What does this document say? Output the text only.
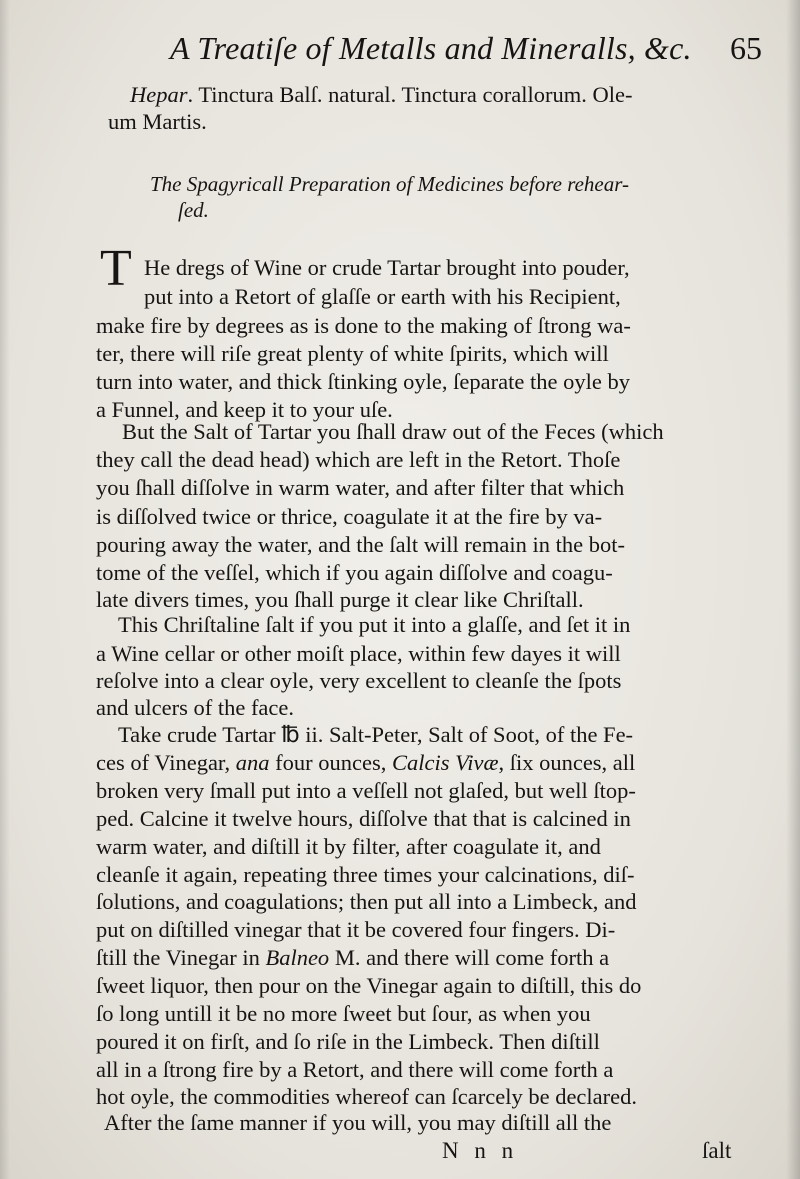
A Treatiſe of Metalls and Mineralls, &c. 65
Hepar. Tinctura Balſ. natural. Tinctura corallorum. Ole-
um Martis.
The Spagyricall Preparation of Medicines before rehear-
ſed.
T He dregs of Wine or crude Tartar brought into pouder,
put into a Retort of glaſſe or earth with his Recipient,
make fire by degrees as is done to the making of ſtrong wa-
ter, there will riſe great plenty of white ſpirits, which will
turn into water, and thick ſtinking oyle, ſeparate the oyle by
a Funnel, and keep it to your uſe.
But the Salt of Tartar you ſhall draw out of the Feces (which
they call the dead head) which are left in the Retort. Thoſe
you ſhall diſſolve in warm water, and after filter that which
is diſſolved twice or thrice, coagulate it at the fire by va-
pouring away the water, and the ſalt will remain in the bot-
tome of the veſſel, which if you again diſſolve and coagu-
late divers times, you ſhall purge it clear like Chriſtall.
This Chriſtaline ſalt if you put it into a glaſſe, and ſet it in
a Wine cellar or other moiſt place, within few dayes it will
reſolve into a clear oyle, very excellent to cleanſe the ſpots
and ulcers of the face.
Take crude Tartar ℔ ii. Salt-Peter, Salt of Soot, of the Fe-
ces of Vinegar, ana four ounces, Calcis Vivæ, ſix ounces, all
broken very ſmall put into a veſſell not glaſed, but well ſtop-
ped. Calcine it twelve hours, diſſolve that that is calcined in
warm water, and diſtill it by filter, after coagulate it, and
cleanſe it again, repeating three times your calcinations, diſ-
ſolutions, and coagulations; then put all into a Limbeck, and
put on diſtilled vinegar that it be covered four fingers. Di-
ſtill the Vinegar in Balneo M. and there will come forth a
ſweet liquor, then pour on the Vinegar again to diſtill, this do
ſo long untill it be no more ſweet but ſour, as when you
poured it on firſt, and ſo riſe in the Limbeck. Then diſtill
all in a ſtrong fire by a Retort, and there will come forth a
hot oyle, the commodities whereof can ſcarcely be declared.
After the ſame manner if you will, you may diſtill all the
N n n	ſalt
